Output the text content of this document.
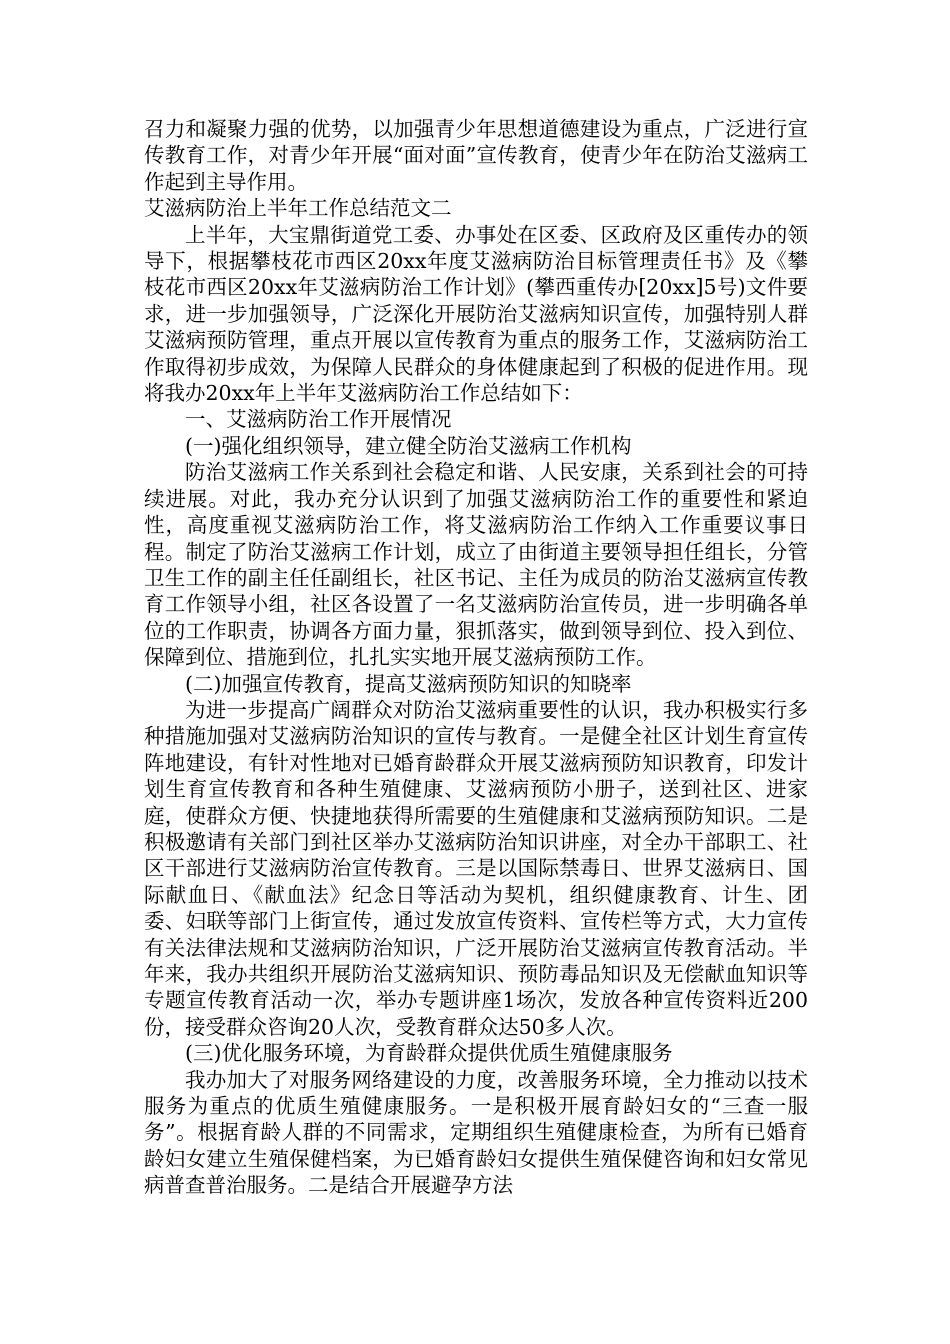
召力和凝聚力强的优势，以加强青少年思想道德建设为重点，广泛进行宣传教育工作，对青少年开展“面对面”宣传教育，使青少年在防治艾滋病工作起到主导作用。

艾滋病防治上半年工作总结范文二

上半年，大宝鼎街道党工委、办事处在区委、区政府及区重传办的领导下，根据攀枝花市西区20xx年度艾滋病防治目标管理责任书》及《攀枝花市西区20xx年艾滋病防治工作计划》(攀西重传办[20xx]5号)文件要求，进一步加强领导，广泛深化开展防治艾滋病知识宣传，加强特别人群艾滋病预防管理，重点开展以宣传教育为重点的服务工作，艾滋病防治工作取得初步成效，为保障人民群众的身体健康起到了积极的促进作用。现将我办20xx年上半年艾滋病防治工作总结如下：

一、艾滋病防治工作开展情况

(一)强化组织领导，建立健全防治艾滋病工作机构

防治艾滋病工作关系到社会稳定和谐、人民安康，关系到社会的可持续进展。对此，我办充分认识到了加强艾滋病防治工作的重要性和紧迫性，高度重视艾滋病防治工作，将艾滋病防治工作纳入工作重要议事日程。制定了防治艾滋病工作计划，成立了由街道主要领导担任组长，分管卫生工作的副主任任副组长，社区书记、主任为成员的防治艾滋病宣传教育工作领导小组，社区各设置了一名艾滋病防治宣传员，进一步明确各单位的工作职责，协调各方面力量，狠抓落实，做到领导到位、投入到位、保障到位、措施到位，扎扎实实地开展艾滋病预防工作。

(二)加强宣传教育，提高艾滋病预防知识的知晓率

为进一步提高广阔群众对防治艾滋病重要性的认识，我办积极实行多种措施加强对艾滋病防治知识的宣传与教育。一是健全社区计划生育宣传阵地建设，有针对性地对已婚育龄群众开展艾滋病预防知识教育，印发计划生育宣传教育和各种生殖健康、艾滋病预防小册子，送到社区、进家庭，使群众方便、快捷地获得所需要的生殖健康和艾滋病预防知识。二是积极邀请有关部门到社区举办艾滋病防治知识讲座，对全办干部职工、社区干部进行艾滋病防治宣传教育。三是以国际禁毒日、世界艾滋病日、国际献血日、《献血法》纪念日等活动为契机，组织健康教育、计生、团委、妇联等部门上街宣传，通过发放宣传资料、宣传栏等方式，大力宣传有关法律法规和艾滋病防治知识，广泛开展防治艾滋病宣传教育活动。半年来，我办共组织开展防治艾滋病知识、预防毒品知识及无偿献血知识等专题宣传教育活动一次，举办专题讲座1场次，发放各种宣传资料近200份，接受群众咨询20人次，受教育群众达50多人次。

(三)优化服务环境，为育龄群众提供优质生殖健康服务

我办加大了对服务网络建设的力度，改善服务环境，全力推动以技术服务为重点的优质生殖健康服务。一是积极开展育龄妇女的“三查一服务”。根据育龄人群的不同需求，定期组织生殖健康检查，为所有已婚育龄妇女建立生殖保健档案，为已婚育龄妇女提供生殖保健咨询和妇女常见病普查普治服务。二是结合开展避孕方法
